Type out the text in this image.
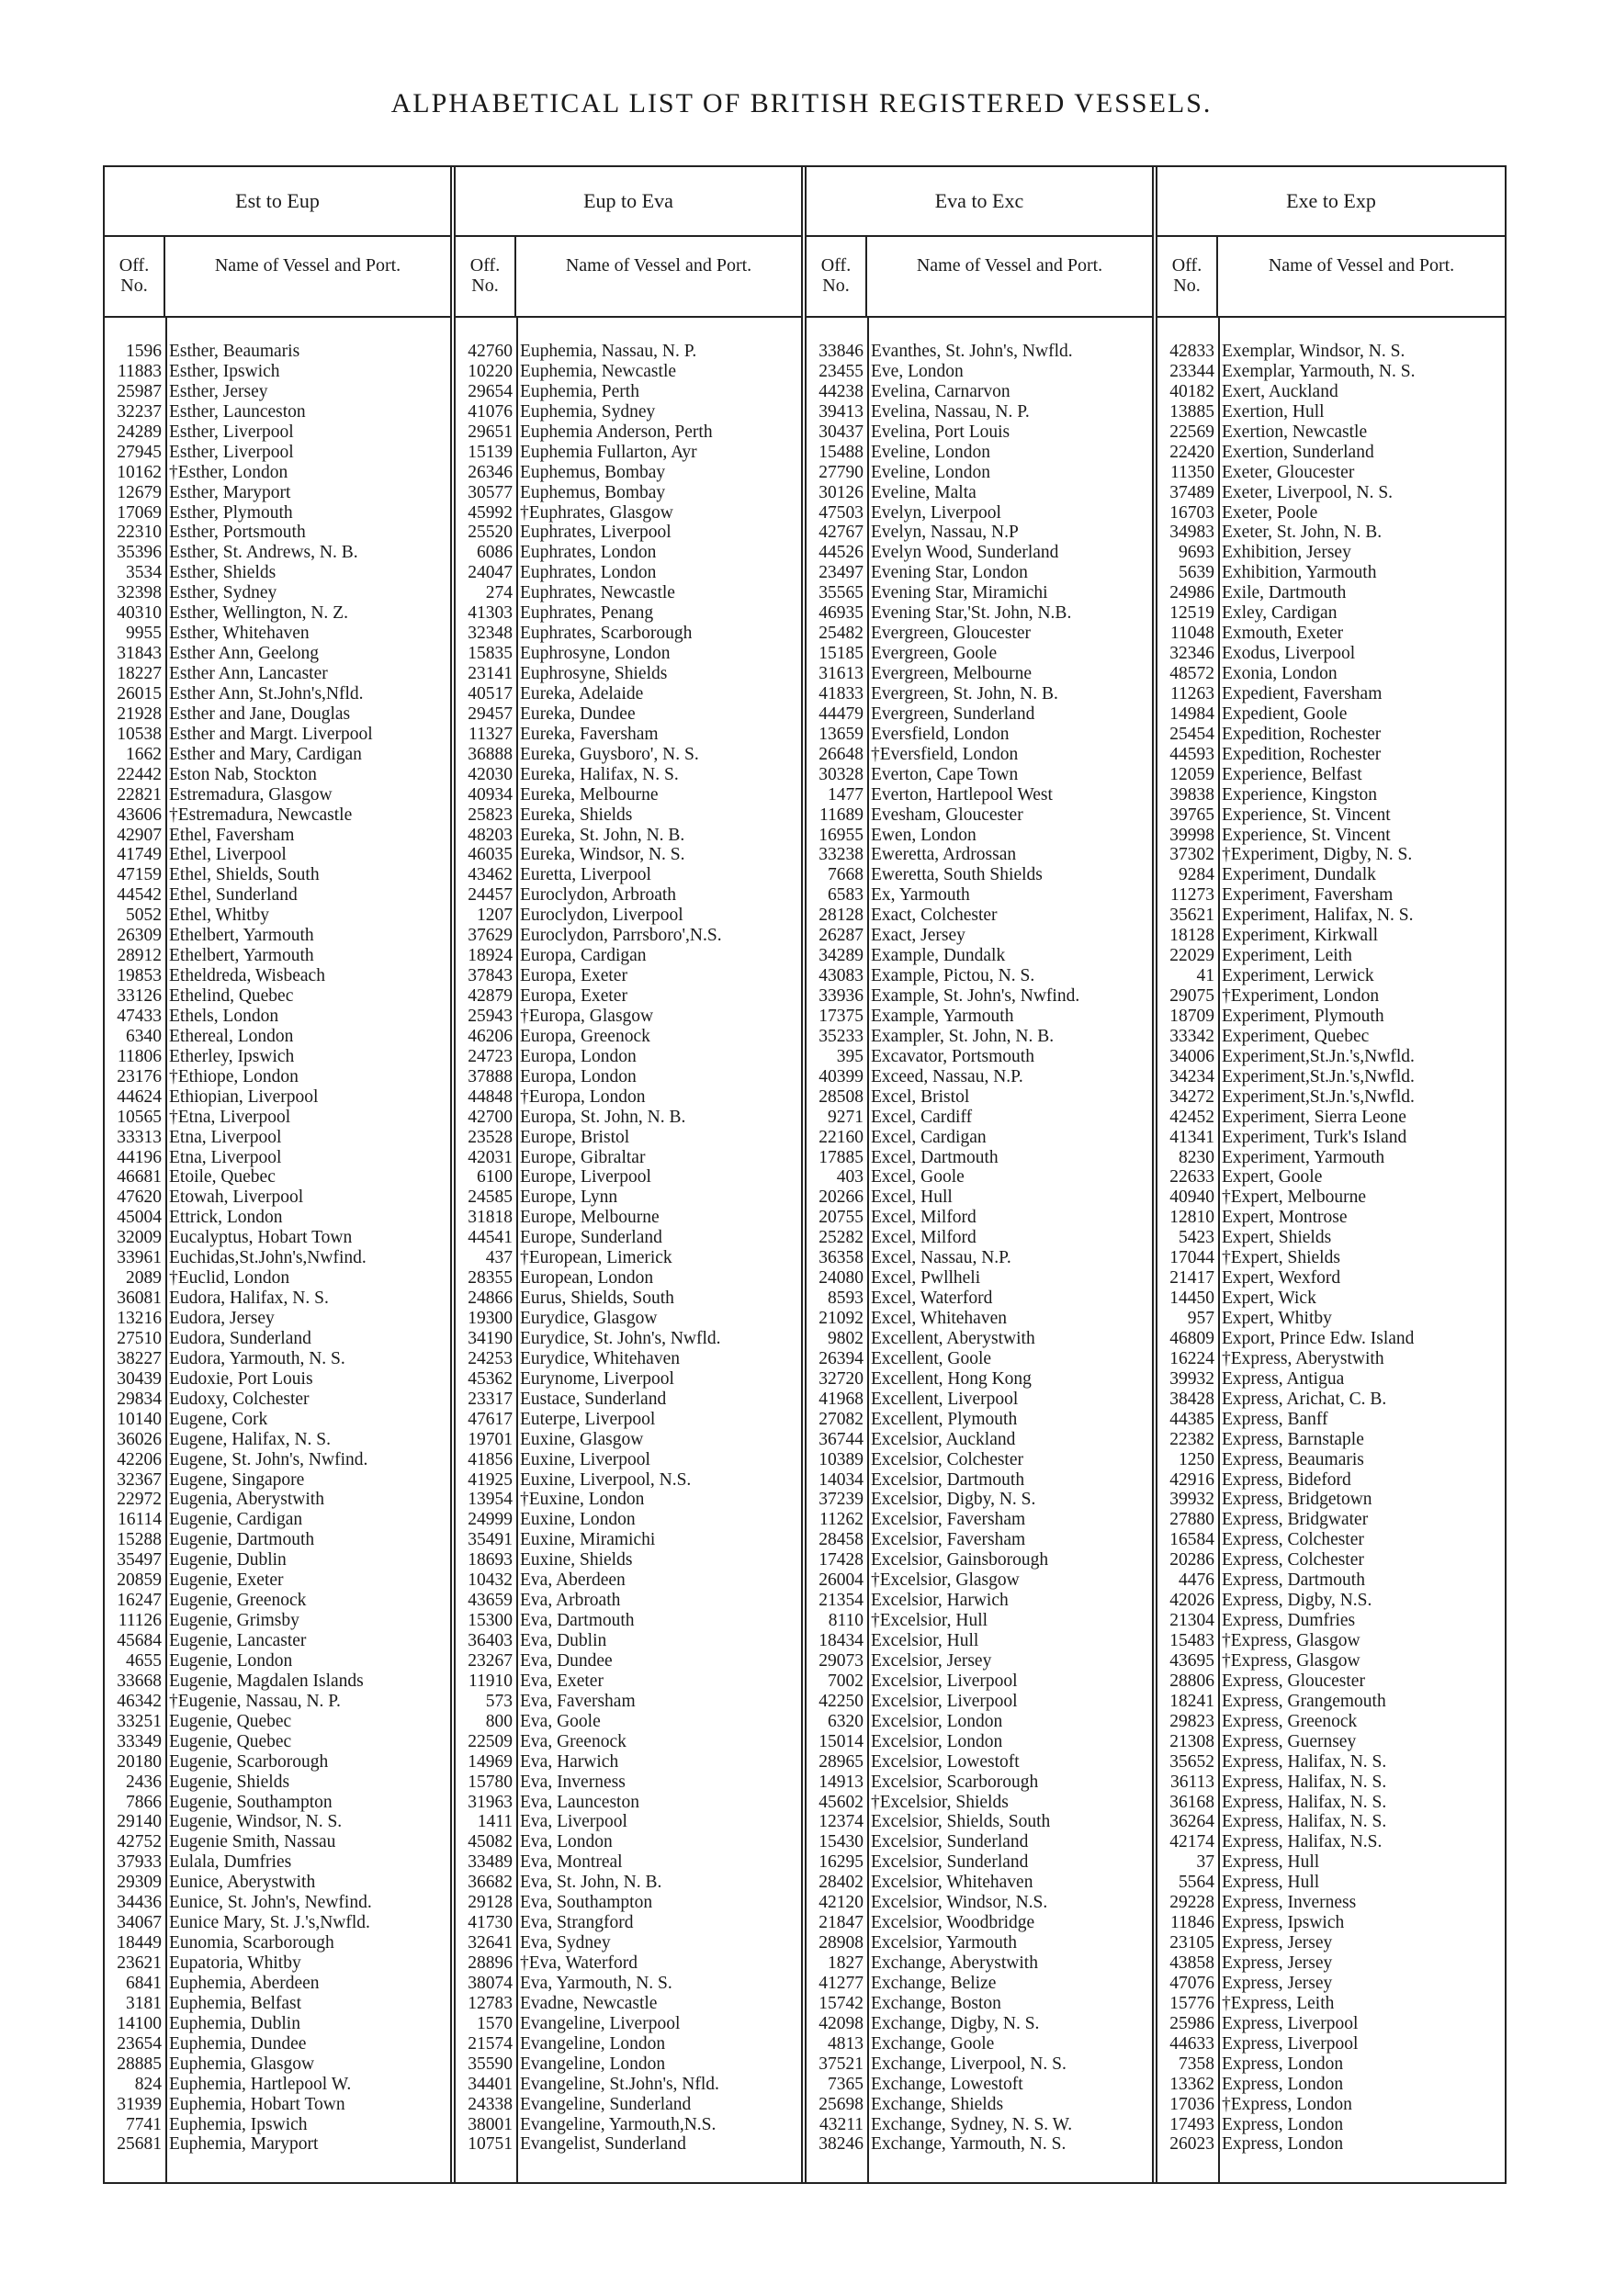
ALPHABETICAL LIST OF BRITISH REGISTERED VESSELS.
Est to Eup
Off. No.
Name of Vessel and Port.
1596 Esther, Beaumaris
11883 Esther, Ipswich
25987 Esther, Jersey
32237 Esther, Launceston
24289 Esther, Liverpool
27945 Esther, Liverpool
10162 †Esther, London
12679 Esther, Maryport
17069 Esther, Plymouth
22310 Esther, Portsmouth
35396 Esther, St. Andrews, N. B.
3534 Esther, Shields
32398 Esther, Sydney
40310 Esther, Wellington, N. Z.
9955 Esther, Whitehaven
31843 Esther Ann, Geelong
18227 Esther Ann, Lancaster
26015 Esther Ann, St.John's,Nfld.
21928 Esther and Jane, Douglas
10538 Esther and Margt. Liverpool
1662 Esther and Mary, Cardigan
22442 Eston Nab, Stockton
22821 Estremadura, Glasgow
43606 †Estremadura, Newcastle
42907 Ethel, Faversham
41749 Ethel, Liverpool
47159 Ethel, Shields, South
44542 Ethel, Sunderland
5052 Ethel, Whitby
26309 Ethelbert, Yarmouth
28912 Ethelbert, Yarmouth
19853 Etheldreda, Wisbeach
33126 Ethelind, Quebec
47433 Ethels, London
6340 Ethereal, London
11806 Etherley, Ipswich
23176 †Ethiope, London
44624 Ethiopian, Liverpool
10565 †Etna, Liverpool
33313 Etna, Liverpool
44196 Etna, Liverpool
46681 Etoile, Quebec
47620 Etowah, Liverpool
45004 Ettrick, London
32009 Eucalyptus, Hobart Town
33961 Euchidas,St.John's,Nwfind.
2089 †Euclid, London
36081 Eudora, Halifax, N. S.
13216 Eudora, Jersey
27510 Eudora, Sunderland
38227 Eudora, Yarmouth, N. S.
30439 Eudoxie, Port Louis
29834 Eudoxy, Colchester
10140 Eugene, Cork
36026 Eugene, Halifax, N. S.
42206 Eugene, St. John's, Nwfind.
32367 Eugene, Singapore
22972 Eugenia, Aberystwith
16114 Eugenie, Cardigan
15288 Eugenie, Dartmouth
35497 Eugenie, Dublin
20859 Eugenie, Exeter
16247 Eugenie, Greenock
11126 Eugenie, Grimsby
45684 Eugenie, Lancaster
4655 Eugenie, London
33668 Eugenie, Magdalen Islands
46342 †Eugenie, Nassau, N. P.
33251 Eugenie, Quebec
33349 Eugenie, Quebec
20180 Eugenie, Scarborough
2436 Eugenie, Shields
7866 Eugenie, Southampton
29140 Eugenie, Windsor, N. S.
42752 Eugenie Smith, Nassau
37933 Eulala, Dumfries
29309 Eunice, Aberystwith
34436 Eunice, St. John's, Newfind.
34067 Eunice Mary, St. J.'s,Nwfld.
18449 Eunomia, Scarborough
23621 Eupatoria, Whitby
6841 Euphemia, Aberdeen
3181 Euphemia, Belfast
14100 Euphemia, Dublin
23654 Euphemia, Dundee
28885 Euphemia, Glasgow
824 Euphemia, Hartlepool W.
31939 Euphemia, Hobart Town
7741 Euphemia, Ipswich
25681 Euphemia, Maryport
Eup to Eva
Off. No.
Name of Vessel and Port.
42760 Euphemia, Nassau, N. P.
10220 Euphemia, Newcastle
29654 Euphemia, Perth
41076 Euphemia, Sydney
29651 Euphemia Anderson, Perth
15139 Euphemia Fullarton, Ayr
26346 Euphemus, Bombay
30577 Euphemus, Bombay
45992 †Euphrates, Glasgow
25520 Euphrates, Liverpool
6086 Euphrates, London
24047 Euphrates, London
274 Euphrates, Newcastle
41303 Euphrates, Penang
32348 Euphrates, Scarborough
15835 Euphrosyne, London
23141 Euphrosyne, Shields
40517 Eureka, Adelaide
29457 Eureka, Dundee
11327 Eureka, Faversham
36888 Eureka, Guysboro', N. S.
42030 Eureka, Halifax, N. S.
40934 Eureka, Melbourne
25823 Eureka, Shields
48203 Eureka, St. John, N. B.
46035 Eureka, Windsor, N. S.
43462 Euretta, Liverpool
24457 Euroclydon, Arbroath
1207 Euroclydon, Liverpool
37629 Euroclydon, Parrsboro',N.S.
18924 Europa, Cardigan
37843 Europa, Exeter
42879 Europa, Exeter
25943 †Europa, Glasgow
46206 Europa, Greenock
24723 Europa, London
37888 Europa, London
44848 †Europa, London
42700 Europa, St. John, N. B.
23528 Europe, Bristol
42031 Europe, Gibraltar
6100 Europe, Liverpool
24585 Europe, Lynn
31818 Europe, Melbourne
44541 Europe, Sunderland
437 †European, Limerick
28355 European, London
24866 Eurus, Shields, South
19300 Eurydice, Glasgow
34190 Eurydice, St. John's, Nwfld.
24253 Eurydice, Whitehaven
45362 Eurynome, Liverpool
23317 Eustace, Sunderland
47617 Euterpe, Liverpool
19701 Euxine, Glasgow
41856 Euxine, Liverpool
41925 Euxine, Liverpool, N.S.
13954 †Euxine, London
24999 Euxine, London
35491 Euxine, Miramichi
18693 Euxine, Shields
10432 Eva, Aberdeen
43659 Eva, Arbroath
15300 Eva, Dartmouth
36403 Eva, Dublin
23267 Eva, Dundee
11910 Eva, Exeter
573 Eva, Faversham
800 Eva, Goole
22509 Eva, Greenock
14969 Eva, Harwich
15780 Eva, Inverness
31963 Eva, Launceston
1411 Eva, Liverpool
45082 Eva, London
33489 Eva, Montreal
36682 Eva, St. John, N. B.
29128 Eva, Southampton
41730 Eva, Strangford
32641 Eva, Sydney
28896 †Eva, Waterford
38074 Eva, Yarmouth, N. S.
12783 Evadne, Newcastle
1570 Evangeline, Liverpool
21574 Evangeline, London
35590 Evangeline, London
34401 Evangeline, St.John's, Nfld.
24338 Evangeline, Sunderland
38001 Evangeline, Yarmouth,N.S.
10751 Evangelist, Sunderland
Eva to Exc
Off. No.
Name of Vessel and Port.
33846 Evanthes, St. John's, Nwfld.
23455 Eve, London
44238 Evelina, Carnarvon
39413 Evelina, Nassau, N. P.
30437 Evelina, Port Louis
15488 Eveline, London
27790 Eveline, London
30126 Eveline, Malta
47503 Evelyn, Liverpool
42767 Evelyn, Nassau, N.P
44526 Evelyn Wood, Sunderland
23497 Evening Star, London
35565 Evening Star, Miramichi
46935 Evening Star,'St. John, N.B.
25482 Evergreen, Gloucester
15185 Evergreen, Goole
31613 Evergreen, Melbourne
41833 Evergreen, St. John, N. B.
44479 Evergreen, Sunderland
13659 Eversfield, London
26648 †Eversfield, London
30328 Everton, Cape Town
1477 Everton, Hartlepool West
11689 Evesham, Gloucester
16955 Ewen, London
33238 Eweretta, Ardrossan
7668 Eweretta, South Shields
6583 Ex, Yarmouth
28128 Exact, Colchester
26287 Exact, Jersey
34289 Example, Dundalk
43083 Example, Pictou, N. S.
33936 Example, St. John's, Nwfind.
17375 Example, Yarmouth
35233 Exampler, St. John, N. B.
395 Excavator, Portsmouth
40399 Exceed, Nassau, N.P.
28508 Excel, Bristol
9271 Excel, Cardiff
22160 Excel, Cardigan
17885 Excel, Dartmouth
403 Excel, Goole
20266 Excel, Hull
20755 Excel, Milford
25282 Excel, Milford
36358 Excel, Nassau, N.P.
24080 Excel, Pwllheli
8593 Excel, Waterford
21092 Excel, Whitehaven
9802 Excellent, Aberystwith
26394 Excellent, Goole
32720 Excellent, Hong Kong
41968 Excellent, Liverpool
27082 Excellent, Plymouth
36744 Excelsior, Auckland
10389 Excelsior, Colchester
14034 Excelsior, Dartmouth
37239 Excelsior, Digby, N. S.
11262 Excelsior, Faversham
28458 Excelsior, Faversham
17428 Excelsior, Gainsborough
26004 †Excelsior, Glasgow
21354 Excelsior, Harwich
8110 †Excelsior, Hull
18434 Excelsior, Hull
29073 Excelsior, Jersey
7002 Excelsior, Liverpool
42250 Excelsior, Liverpool
6320 Excelsior, London
15014 Excelsior, London
28965 Excelsior, Lowestoft
14913 Excelsior, Scarborough
45602 †Excelsior, Shields
12374 Excelsior, Shields, South
15430 Excelsior, Sunderland
16295 Excelsior, Sunderland
28402 Excelsior, Whitehaven
42120 Excelsior, Windsor, N.S.
21847 Excelsior, Woodbridge
28908 Excelsior, Yarmouth
1827 Exchange, Aberystwith
41277 Exchange, Belize
15742 Exchange, Boston
42098 Exchange, Digby, N. S.
4813 Exchange, Goole
37521 Exchange, Liverpool, N. S.
7365 Exchange, Lowestoft
25698 Exchange, Shields
43211 Exchange, Sydney, N. S. W.
38246 Exchange, Yarmouth, N. S.
Exe to Exp
Off. No.
Name of Vessel and Port.
42833 Exemplar, Windsor, N. S.
23344 Exemplar, Yarmouth, N. S.
40182 Exert, Auckland
13885 Exertion, Hull
22569 Exertion, Newcastle
22420 Exertion, Sunderland
11350 Exeter, Gloucester
37489 Exeter, Liverpool, N. S.
16703 Exeter, Poole
34983 Exeter, St. John, N. B.
9693 Exhibition, Jersey
5639 Exhibition, Yarmouth
24986 Exile, Dartmouth
12519 Exley, Cardigan
11048 Exmouth, Exeter
32346 Exodus, Liverpool
48572 Exonia, London
11263 Expedient, Faversham
14984 Expedient, Goole
25454 Expedition, Rochester
44593 Expedition, Rochester
12059 Experience, Belfast
39838 Experience, Kingston
39765 Experience, St. Vincent
39998 Experience, St. Vincent
37302 †Experiment, Digby, N. S.
9284 Experiment, Dundalk
11273 Experiment, Faversham
35621 Experiment, Halifax, N. S.
18128 Experiment, Kirkwall
22029 Experiment, Leith
41 Experiment, Lerwick
29075 †Experiment, London
18709 Experiment, Plymouth
33342 Experiment, Quebec
34006 Experiment,St.Jn.'s,Nwfld.
34234 Experiment,St.Jn.'s,Nwfld.
34272 Experiment,St.Jn.'s,Nwfld.
42452 Experiment, Sierra Leone
41341 Experiment, Turk's Island
8230 Experiment, Yarmouth
22633 Expert, Goole
40940 †Expert, Melbourne
12810 Expert, Montrose
5423 Expert, Shields
17044 †Expert, Shields
21417 Expert, Wexford
14450 Expert, Wick
957 Expert, Whitby
46809 Export, Prince Edw. Island
16224 †Express, Aberystwith
39932 Express, Antigua
38428 Express, Arichat, C. B.
44385 Express, Banff
22382 Express, Barnstaple
1250 Express, Beaumaris
42916 Express, Bideford
39932 Express, Bridgetown
27880 Express, Bridgwater
16584 Express, Colchester
20286 Express, Colchester
4476 Express, Dartmouth
42026 Express, Digby, N.S.
21304 Express, Dumfries
15483 †Express, Glasgow
43695 †Express, Glasgow
28806 Express, Gloucester
18241 Express, Grangemouth
29823 Express, Greenock
21308 Express, Guernsey
35652 Express, Halifax, N. S.
36113 Express, Halifax, N. S.
36168 Express, Halifax, N. S.
36264 Express, Halifax, N. S.
42174 Express, Halifax, N.S.
37 Express, Hull
5564 Express, Hull
29228 Express, Inverness
11846 Express, Ipswich
23105 Express, Jersey
43858 Express, Jersey
47076 Express, Jersey
15776 †Express, Leith
25986 Express, Liverpool
44633 Express, Liverpool
7358 Express, London
13362 Express, London
17036 †Express, London
17493 Express, London
26023 Express, London
